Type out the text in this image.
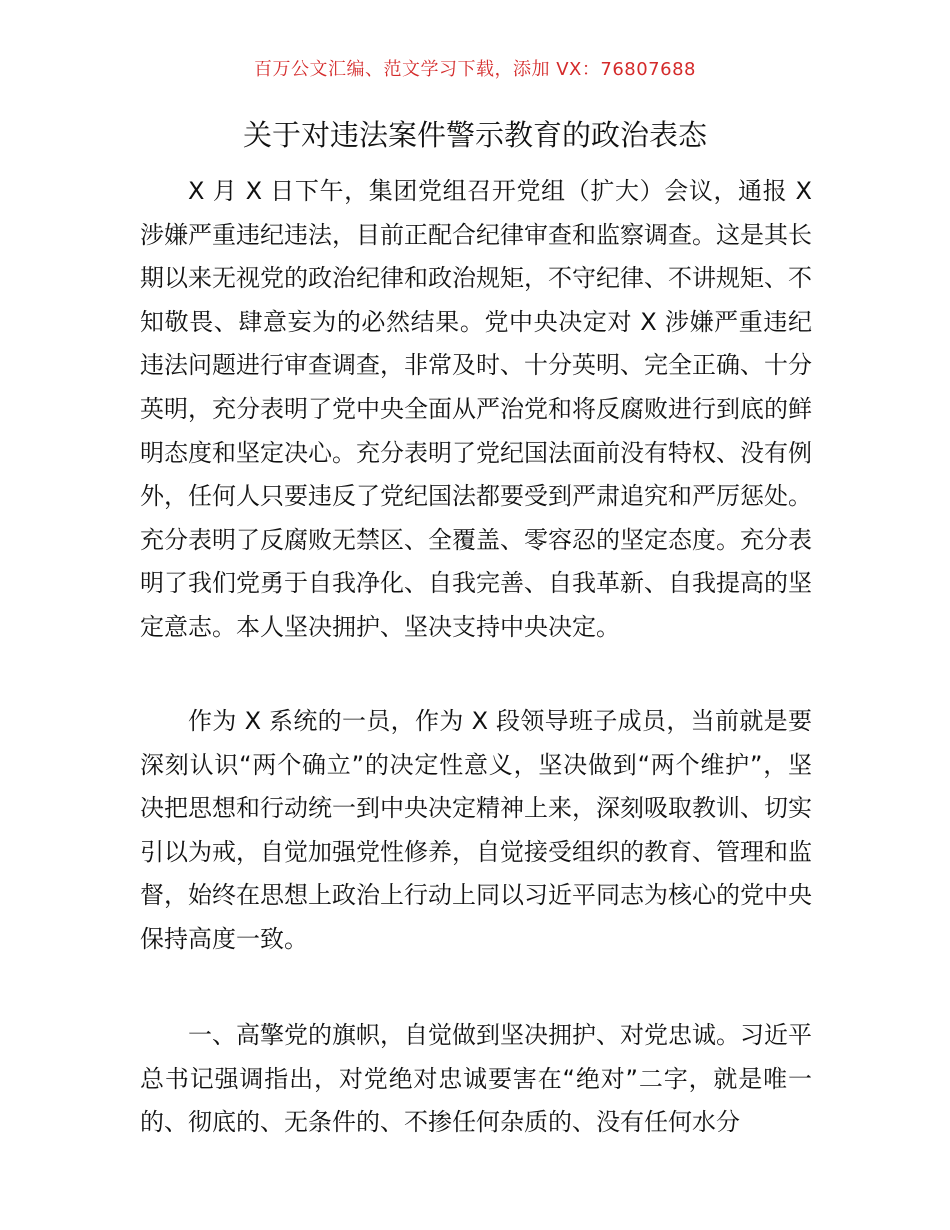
百万公文汇编、范文学习下载，添加 VX：76807688
关于对违法案件警示教育的政治表态

X 月 X 日下午，集团党组召开党组（扩大）会议，通报 X 涉嫌严重违纪违法，目前正配合纪律审查和监察调查。这是其长期以来无视党的政治纪律和政治规矩，不守纪律、不讲规矩、不知敬畏、肆意妄为的必然结果。党中央决定对 X 涉嫌严重违纪违法问题进行审查调查，非常及时、十分英明、完全正确、十分英明，充分表明了党中央全面从严治党和将反腐败进行到底的鲜明态度和坚定决心。充分表明了党纪国法面前没有特权、没有例外，任何人只要违反了党纪国法都要受到严肃追究和严厉惩处。充分表明了反腐败无禁区、全覆盖、零容忍的坚定态度。充分表明了我们党勇于自我净化、自我完善、自我革新、自我提高的坚定意志。本人坚决拥护、坚决支持中央决定。

作为 X 系统的一员，作为 X 段领导班子成员，当前就是要深刻认识“两个确立”的决定性意义，坚决做到“两个维护”，坚决把思想和行动统一到中央决定精神上来，深刻吸取教训、切实引以为戒，自觉加强党性修养，自觉接受组织的教育、管理和监督，始终在思想上政治上行动上同以习近平同志为核心的党中央保持高度一致。

一、高擎党的旗帜，自觉做到坚决拥护、对党忠诚。习近平总书记强调指出，对党绝对忠诚要害在“绝对”二字，就是唯一的、彻底的、无条件的、不掺任何杂质的、没有任何水分
